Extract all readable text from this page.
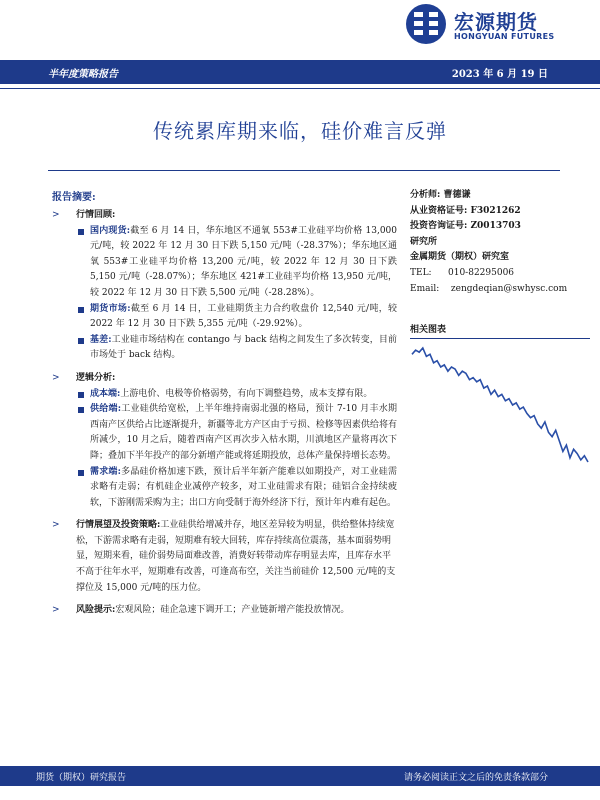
宏源期货
HONGYUAN FUTURES
半年度策略报告	2023 年 6 月 19 日
传统累库期来临，硅价难言反弹
报告摘要:
> 行情回顾:
国内现货:截至 6 月 14 日，华东地区不通氧 553#工业硅平均价格 13,000 元/吨，较 2022 年 12 月 30 日下跌 5,150 元/吨（-28.37%）；华东地区通氧 553#工业硅平均价格 13,200 元/吨，较 2022 年 12 月 30 日下跌 5,150 元/吨（-28.07%）；华东地区 421#工业硅平均价格 13,950 元/吨，较 2022 年 12 月 30 日下跌 5,500 元/吨（-28.28%）。
期货市场:截至 6 月 14 日，工业硅期货主力合约收盘价 12,540 元/吨，较 2022 年 12 月 30 日下跌 5,355 元/吨（-29.92%）。
基差:工业硅市场结构在 contango 与 back 结构之间发生了多次转变，目前市场处于 back 结构。
> 逻辑分析:
成本端:上游电价、电极等价格弱势，有向下调整趋势，成本支撑有限。
供给端:工业硅供给宽松，上半年维持南弱北强的格局，预计 7-10 月丰水期西南产区供给占比逐渐提升，新疆等北方产区由于亏损、检修等因素供给将有所减少，10 月之后，随着西南产区再次步入枯水期，川滇地区产量将再次下降；叠加下半年投产的部分新增产能或将延期投放，总体产量保持增长态势。
需求端:多晶硅价格加速下跌，预计后半年新产能难以如期投产，对工业硅需求略有走弱；有机硅企业减停产较多，对工业硅需求有限；硅铝合金持续疲软，下游刚需采购为主；出口方向受制于海外经济下行，预计年内难有起色。
> 行情展望及投资策略:工业硅供给增减并存，地区差异较为明显，供给整体持续宽松，下游需求略有走弱，短期难有较大回转，库存持续高位震荡，基本面弱势明显，短期来看，硅价弱势局面难改善，消费好转带动库存明显去库，且库存水平不高于往年水平，短期难有改善，可逢高布空，关注当前硅价 12,500 元/吨的支撑位及 15,000 元/吨的压力位。
> 风险提示:宏观风险；硅企急速下调开工；产业链新增产能投放情况。
分析师: 曹德谦
从业资格证号: F3021262
投资咨询证号: Z0013703
研究所
金属期货（期权）研究室
TEL: 010-82295006
Email: zengdeqian@swhysc.com
相关图表
期货（期权）研究报告	请务必阅读正文之后的免责条款部分
